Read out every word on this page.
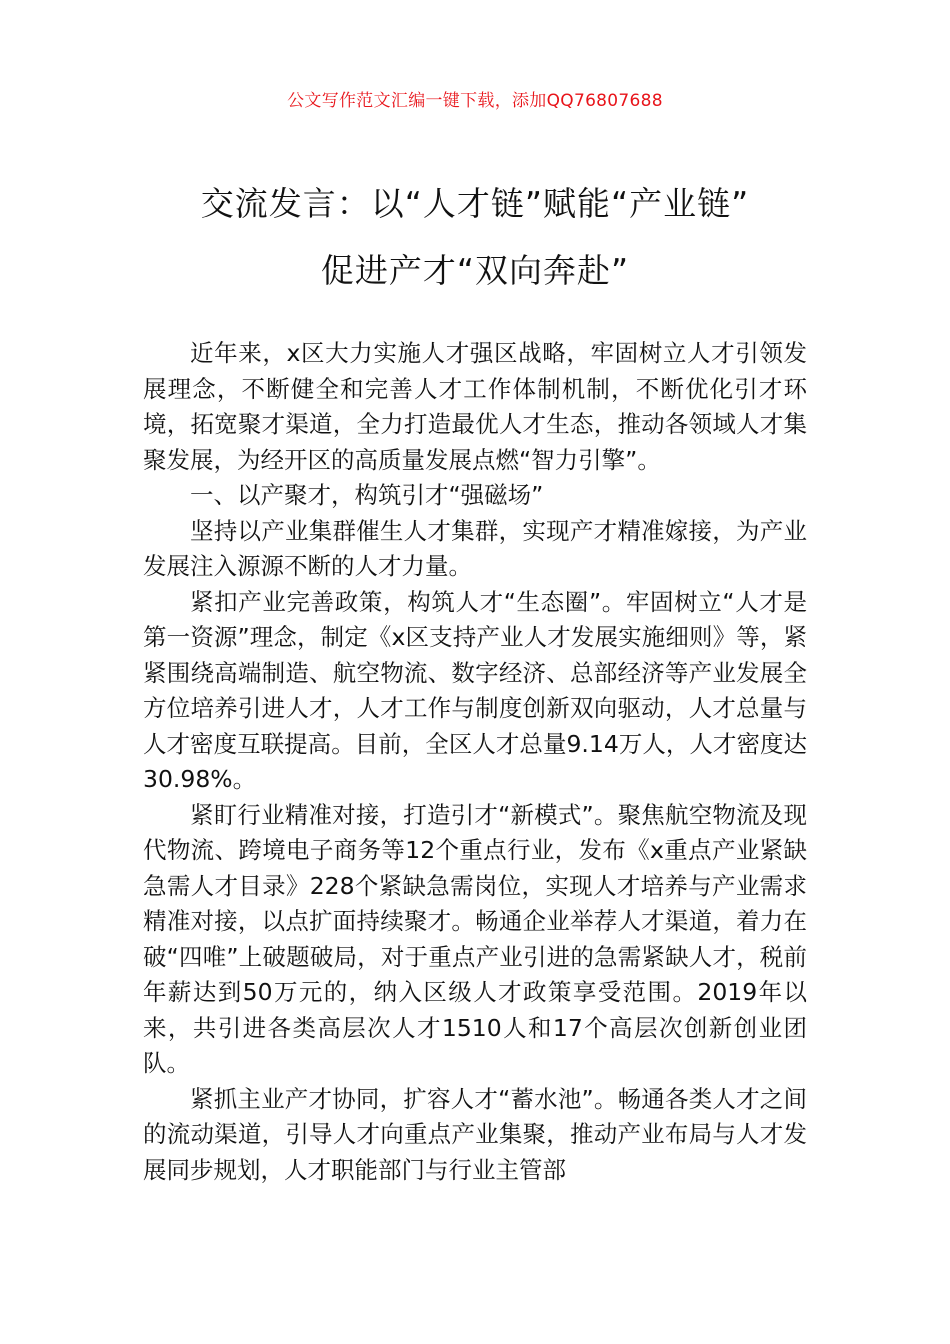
公文写作范文汇编一键下载，添加QQ76807688
交流发言：以“人才链”赋能“产业链”
促进产才“双向奔赴”

近年来，x区大力实施人才强区战略，牢固树立人才引领发展理念，不断健全和完善人才工作体制机制，不断优化引才环境，拓宽聚才渠道，全力打造最优人才生态，推动各领域人才集聚发展，为经开区的高质量发展点燃“智力引擎”。

一、以产聚才，构筑引才“强磁场”

坚持以产业集群催生人才集群，实现产才精准嫁接，为产业发展注入源源不断的人才力量。

紧扣产业完善政策，构筑人才“生态圈”。牢固树立“人才是第一资源”理念，制定《x区支持产业人才发展实施细则》等，紧紧围绕高端制造、航空物流、数字经济、总部经济等产业发展全方位培养引进人才，人才工作与制度创新双向驱动，人才总量与人才密度互联提高。目前，全区人才总量9.14万人，人才密度达30.98%。

紧盯行业精准对接，打造引才“新模式”。聚焦航空物流及现代物流、跨境电子商务等12个重点行业，发布《x重点产业紧缺急需人才目录》228个紧缺急需岗位，实现人才培养与产业需求精准对接，以点扩面持续聚才。畅通企业举荐人才渠道，着力在破“四唯”上破题破局，对于重点产业引进的急需紧缺人才，税前年薪达到50万元的，纳入区级人才政策享受范围。2019年以来，共引进各类高层次人才1510人和17个高层次创新创业团队。

紧抓主业产才协同，扩容人才“蓄水池”。畅通各类人才之间的流动渠道，引导人才向重点产业集聚，推动产业布局与人才发展同步规划，人才职能部门与行业主管部
